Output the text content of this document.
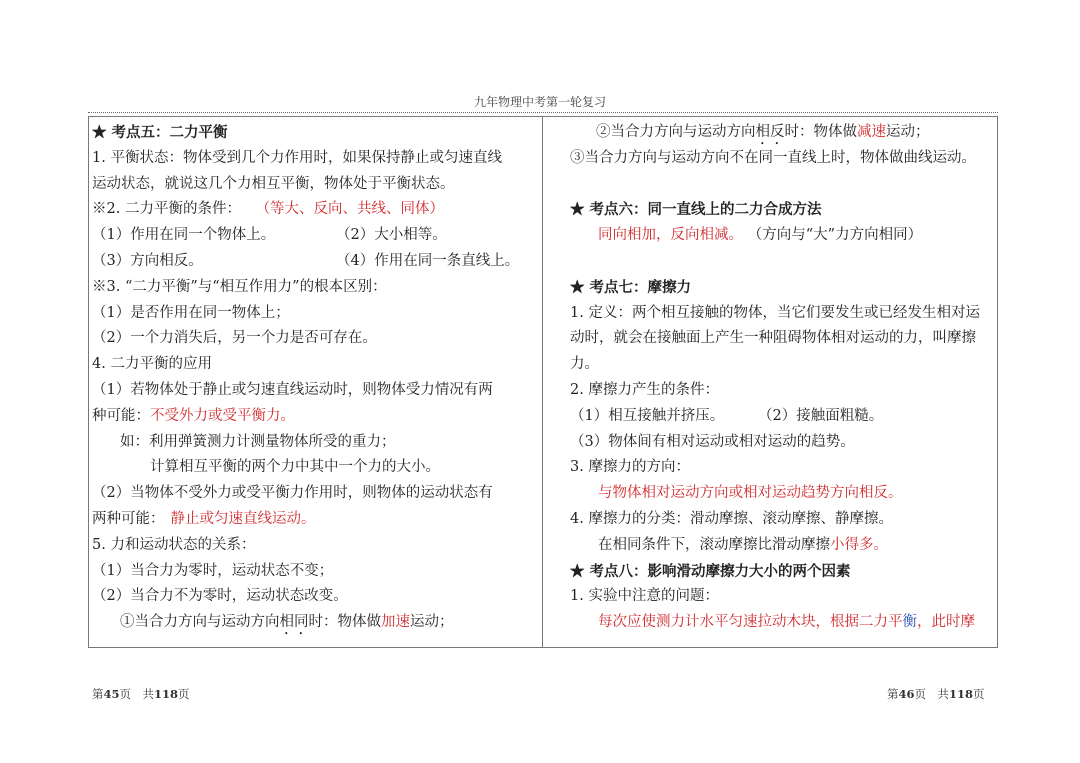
九年物理中考第一轮复习
★ 考点五：二力平衡
1. 平衡状态：物体受到几个力作用时，如果保持静止或匀速直线
运动状态，就说这几个力相互平衡，物体处于平衡状态。
※2. 二力平衡的条件： （等大、反向、共线、同体）
（1）作用在同一个物体上。	（2）大小相等。
（3）方向相反。	（4）作用在同一条直线上。
※3. “二力平衡”与“相互作用力”的根本区别：
（1）是否作用在同一物体上；
（2）一个力消失后，另一个力是否可存在。
4. 二力平衡的应用
（1）若物体处于静止或匀速直线运动时，则物体受力情况有两
种可能：不受外力或受平衡力。
如：利用弹簧测力计测量物体所受的重力；
计算相互平衡的两个力中其中一个力的大小。
（2）当物体不受外力或受平衡力作用时，则物体的运动状态有
两种可能： 静止或匀速直线运动。
5. 力和运动状态的关系：
（1）当合力为零时，运动状态不变；
（2）当合力不为零时，运动状态改变。
①当合力方向与运动方向相同时：物体做加速运动；
②当合力方向与运动方向相反时：物体做减速运动；
③当合力方向与运动方向不在同一直线上时，物体做曲线运动。
★ 考点六：同一直线上的二力合成方法
同向相加，反向相减。 （方向与“大”力方向相同）
★ 考点七：摩擦力
1. 定义：两个相互接触的物体，当它们要发生或已经发生相对运
动时，就会在接触面上产生一种阻碍物体相对运动的力，叫摩擦
力。
2. 摩擦力产生的条件：
（1）相互接触并挤压。 （2）接触面粗糙。
（3）物体间有相对运动或相对运动的趋势。
3. 摩擦力的方向：
与物体相对运动方向或相对运动趋势方向相反。
4. 摩擦力的分类：滑动摩擦、滚动摩擦、静摩擦。
在相同条件下，滚动摩擦比滑动摩擦小得多。
★ 考点八：影响滑动摩擦力大小的两个因素
1. 实验中注意的问题：
每次应使测力计水平匀速拉动木块，根据二力平衡，此时摩
第45页　共118页	第46页　共118页
